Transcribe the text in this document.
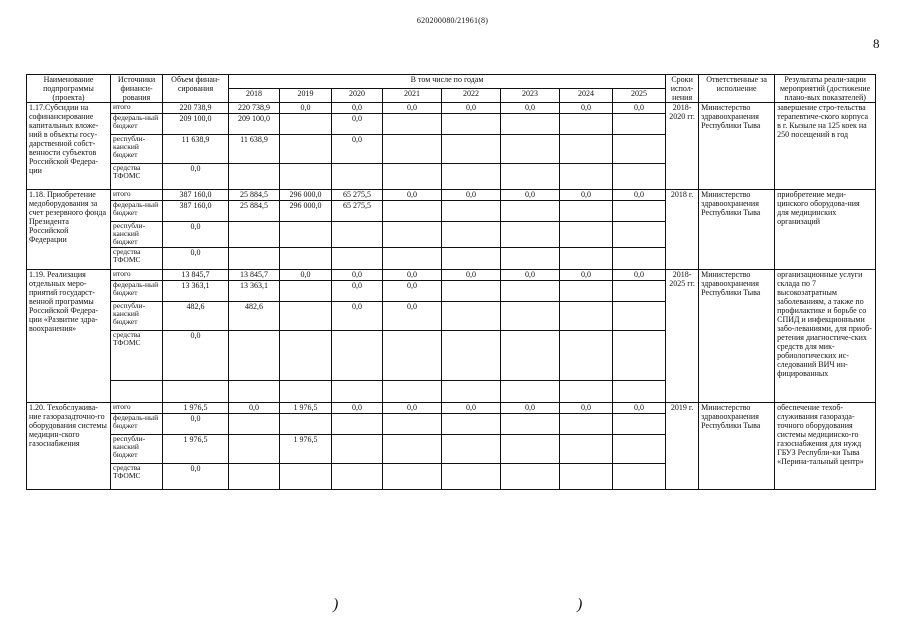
620200080/21961(8)
8
Наименование подпрограммы (проекта)	Источники финанси-рования	Объем финан-сирования	В том числе по годам								Сроки испол-нения	Ответственные за исполнение	Результаты реали-зации мероприятий (достижение плано-вых показателей)
			2018	2019	2020	2021	2022	2023	2024	2025			
1.17.Субсидии на софинансирование капитальных вложе-ний в объекты госу-дарственной собст-венности субъектов Российской Федера-ции	итого	220 738,9	220 738,9	0,0	0,0	0,0	0,0	0,0	0,0	0,0	2018-2020 гг.	Министерство здравоохранения Республики Тыва	завершение стро-тельства терапевтиче-ского корпуса в г. Кызыле на 125 коек на 250 посещений в год
	федераль-ный бюджет	209 100,0	209 100,0		0,0								
	республи-канский бюджет	11 638,9	11 638,9		0,0								
	средства ТФОМС	0,0											
1.18. Приобретение медоборудования за счет резервного фонда Президента Российской Федерации	итого	387 160,0	25 884,5	296 000,0	65 275,5	0,0	0,0	0,0	0,0	0,0	2018 г.	Министерство здравоохранения Республики Тыва	приобретение меди-цинского оборудова-ния для медицинских организаций
	федераль-ный бюджет	387 160,0	25 884,5	296 000,0	65 275,5								
	республи-канский бюджет	0,0											
	средства ТФОМС	0,0											
1.19. Реализация отдельных меро-приятий государст-венной программы Российской Федера-ции «Развитие здра-воохранения»	итого	13 845,7	13 845,7	0,0	0,0	0,0	0,0	0,0	0,0	0,0	2018-2025 гг.	Министерство здравоохранения Республики Тыва	организационные услуги склада по 7 высокозатратным заболеваниям, а также по профилактике и борьбе со СПИД и инфекционными забо-леваниями, для приоб-ретения диагностиче-ских средств для мик-робиологических ис-следований ВИЧ ин-фицированных
	федераль-ный бюджет	13 363,1	13 363,1		0,0	0,0							
	республи-канский бюджет	482,6	482,6		0,0	0,0							
	средства ТФОМС	0,0											

1.20. Техобслужива-ние газоразадточно-го оборудования системы медицин-ского газоснабжения	итого	1 976,5	0,0	1 976,5	0,0	0,0	0,0	0,0	0,0	0,0	2019 г.	Министерство здравоохранения Республики Тыва	обеспечение техоб-служивания газоразда-точного оборудования системы медицинско-го газоснабжения для нужд ГБУЗ Республи-ки Тыва «Перина-тальный центр»
	федераль-ный бюджет	0,0											
	республи-канский бюджет	1 976,5		1 976,5									
	средства ТФОМС	0,0											
)	)
